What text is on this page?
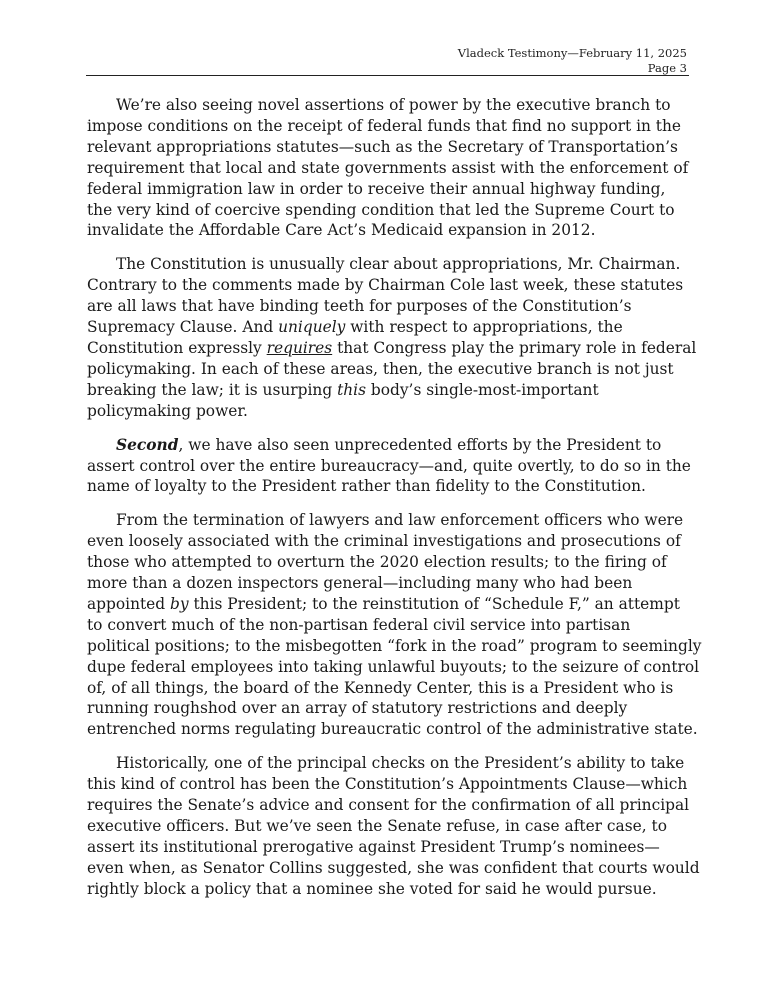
Vladeck Testimony—February 11, 2025
Page 3

We’re also seeing novel assertions of power by the executive branch to
impose conditions on the receipt of federal funds that find no support in the
relevant appropriations statutes—such as the Secretary of Transportation’s
requirement that local and state governments assist with the enforcement of
federal immigration law in order to receive their annual highway funding,
the very kind of coercive spending condition that led the Supreme Court to
invalidate the Affordable Care Act’s Medicaid expansion in 2012.

The Constitution is unusually clear about appropriations, Mr. Chairman.
Contrary to the comments made by Chairman Cole last week, these statutes
are all laws that have binding teeth for purposes of the Constitution’s
Supremacy Clause. And uniquely with respect to appropriations, the
Constitution expressly requires that Congress play the primary role in federal
policymaking. In each of these areas, then, the executive branch is not just
breaking the law; it is usurping this body’s single-most-important
policymaking power.

Second, we have also seen unprecedented efforts by the President to
assert control over the entire bureaucracy—and, quite overtly, to do so in the
name of loyalty to the President rather than fidelity to the Constitution.

From the termination of lawyers and law enforcement officers who were
even loosely associated with the criminal investigations and prosecutions of
those who attempted to overturn the 2020 election results; to the firing of
more than a dozen inspectors general—including many who had been
appointed by this President; to the reinstitution of “Schedule F,” an attempt
to convert much of the non-partisan federal civil service into partisan
political positions; to the misbegotten “fork in the road” program to seemingly
dupe federal employees into taking unlawful buyouts; to the seizure of control
of, of all things, the board of the Kennedy Center, this is a President who is
running roughshod over an array of statutory restrictions and deeply
entrenched norms regulating bureaucratic control of the administrative state.

Historically, one of the principal checks on the President’s ability to take
this kind of control has been the Constitution’s Appointments Clause—which
requires the Senate’s advice and consent for the confirmation of all principal
executive officers. But we’ve seen the Senate refuse, in case after case, to
assert its institutional prerogative against President Trump’s nominees—
even when, as Senator Collins suggested, she was confident that courts would
rightly block a policy that a nominee she voted for said he would pursue.
